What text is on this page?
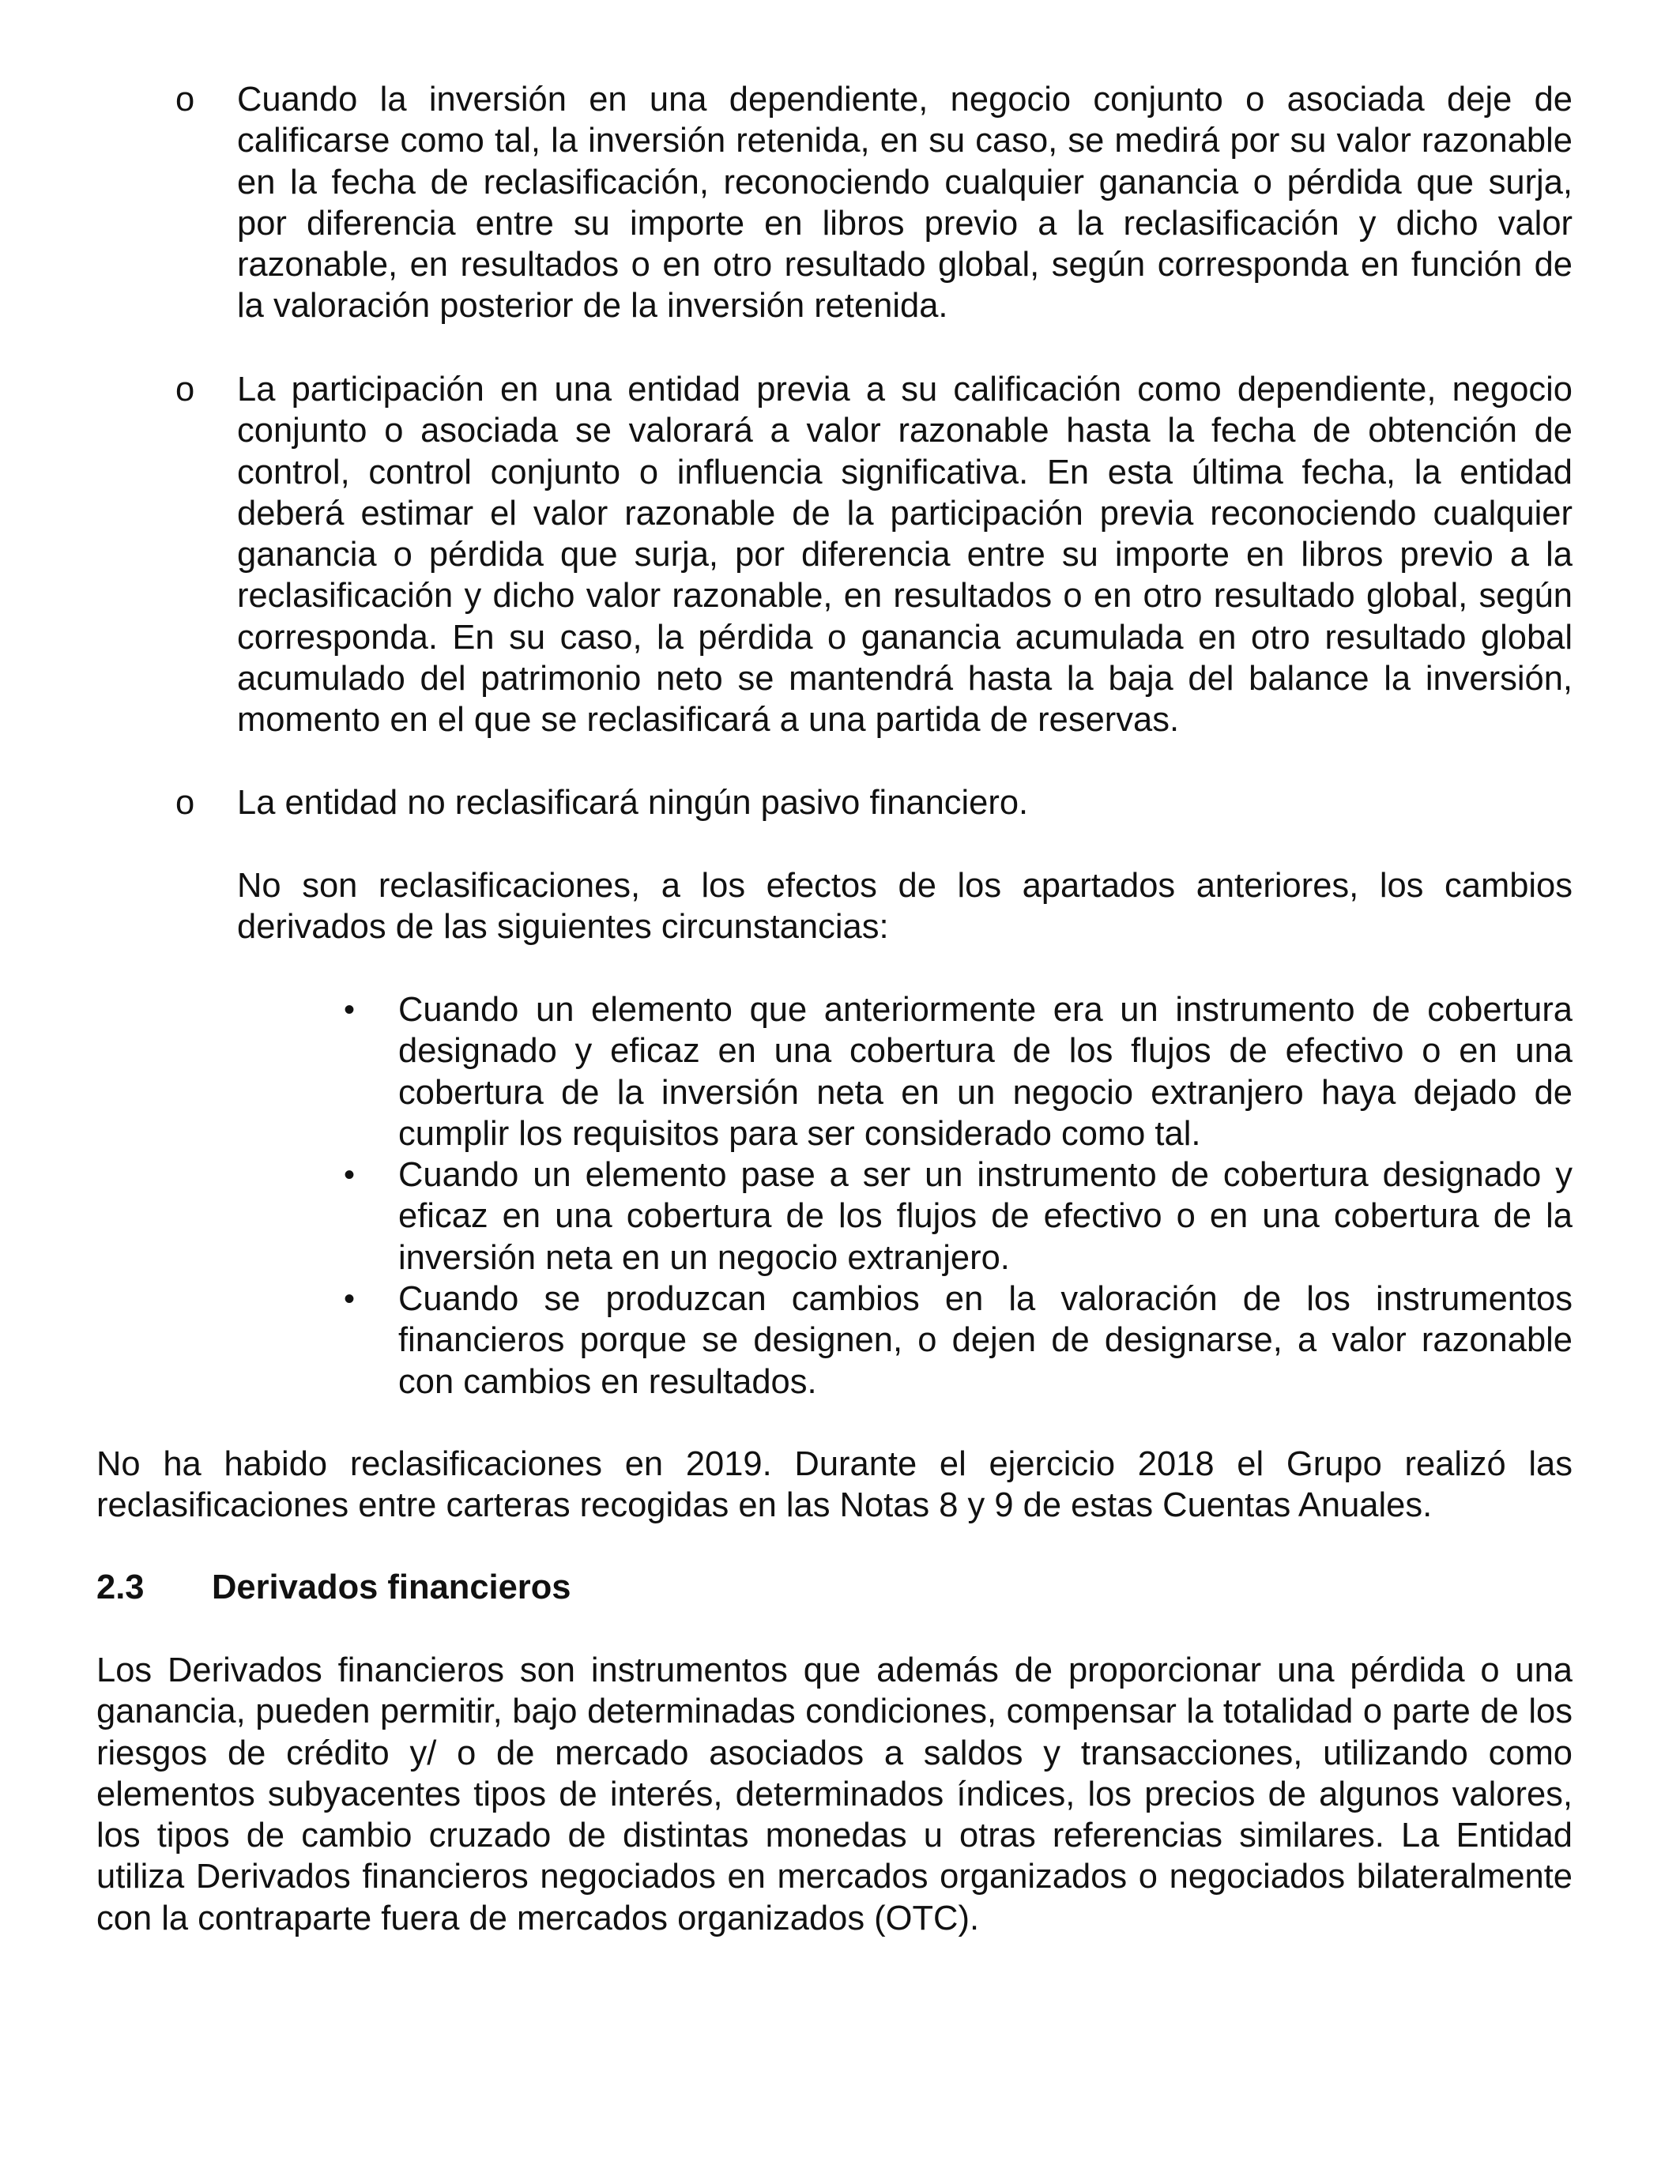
o Cuando la inversión en una dependiente, negocio conjunto o asociada deje de calificarse como tal, la inversión retenida, en su caso, se medirá por su valor razonable en la fecha de reclasificación, reconociendo cualquier ganancia o pérdida que surja, por diferencia entre su importe en libros previo a la reclasificación y dicho valor razonable, en resultados o en otro resultado global, según corresponda en función de la valoración posterior de la inversión retenida.

o La participación en una entidad previa a su calificación como dependiente, negocio conjunto o asociada se valorará a valor razonable hasta la fecha de obtención de control, control conjunto o influencia significativa. En esta última fecha, la entidad deberá estimar el valor razonable de la participación previa reconociendo cualquier ganancia o pérdida que surja, por diferencia entre su importe en libros previo a la reclasificación y dicho valor razonable, en resultados o en otro resultado global, según corresponda. En su caso, la pérdida o ganancia acumulada en otro resultado global acumulado del patrimonio neto se mantendrá hasta la baja del balance la inversión, momento en el que se reclasificará a una partida de reservas.

o La entidad no reclasificará ningún pasivo financiero.

No son reclasificaciones, a los efectos de los apartados anteriores, los cambios derivados de las siguientes circunstancias:

• Cuando un elemento que anteriormente era un instrumento de cobertura designado y eficaz en una cobertura de los flujos de efectivo o en una cobertura de la inversión neta en un negocio extranjero haya dejado de cumplir los requisitos para ser considerado como tal.

• Cuando un elemento pase a ser un instrumento de cobertura designado y eficaz en una cobertura de los flujos de efectivo o en una cobertura de la inversión neta en un negocio extranjero.

• Cuando se produzcan cambios en la valoración de los instrumentos financieros porque se designen, o dejen de designarse, a valor razonable con cambios en resultados.

No ha habido reclasificaciones en 2019. Durante el ejercicio 2018 el Grupo realizó las reclasificaciones entre carteras recogidas en las Notas 8 y 9 de estas Cuentas Anuales.

2.3 Derivados financieros

Los Derivados financieros son instrumentos que además de proporcionar una pérdida o una ganancia, pueden permitir, bajo determinadas condiciones, compensar la totalidad o parte de los riesgos de crédito y/ o de mercado asociados a saldos y transacciones, utilizando como elementos subyacentes tipos de interés, determinados índices, los precios de algunos valores, los tipos de cambio cruzado de distintas monedas u otras referencias similares. La Entidad utiliza Derivados financieros negociados en mercados organizados o negociados bilateralmente con la contraparte fuera de mercados organizados (OTC).
